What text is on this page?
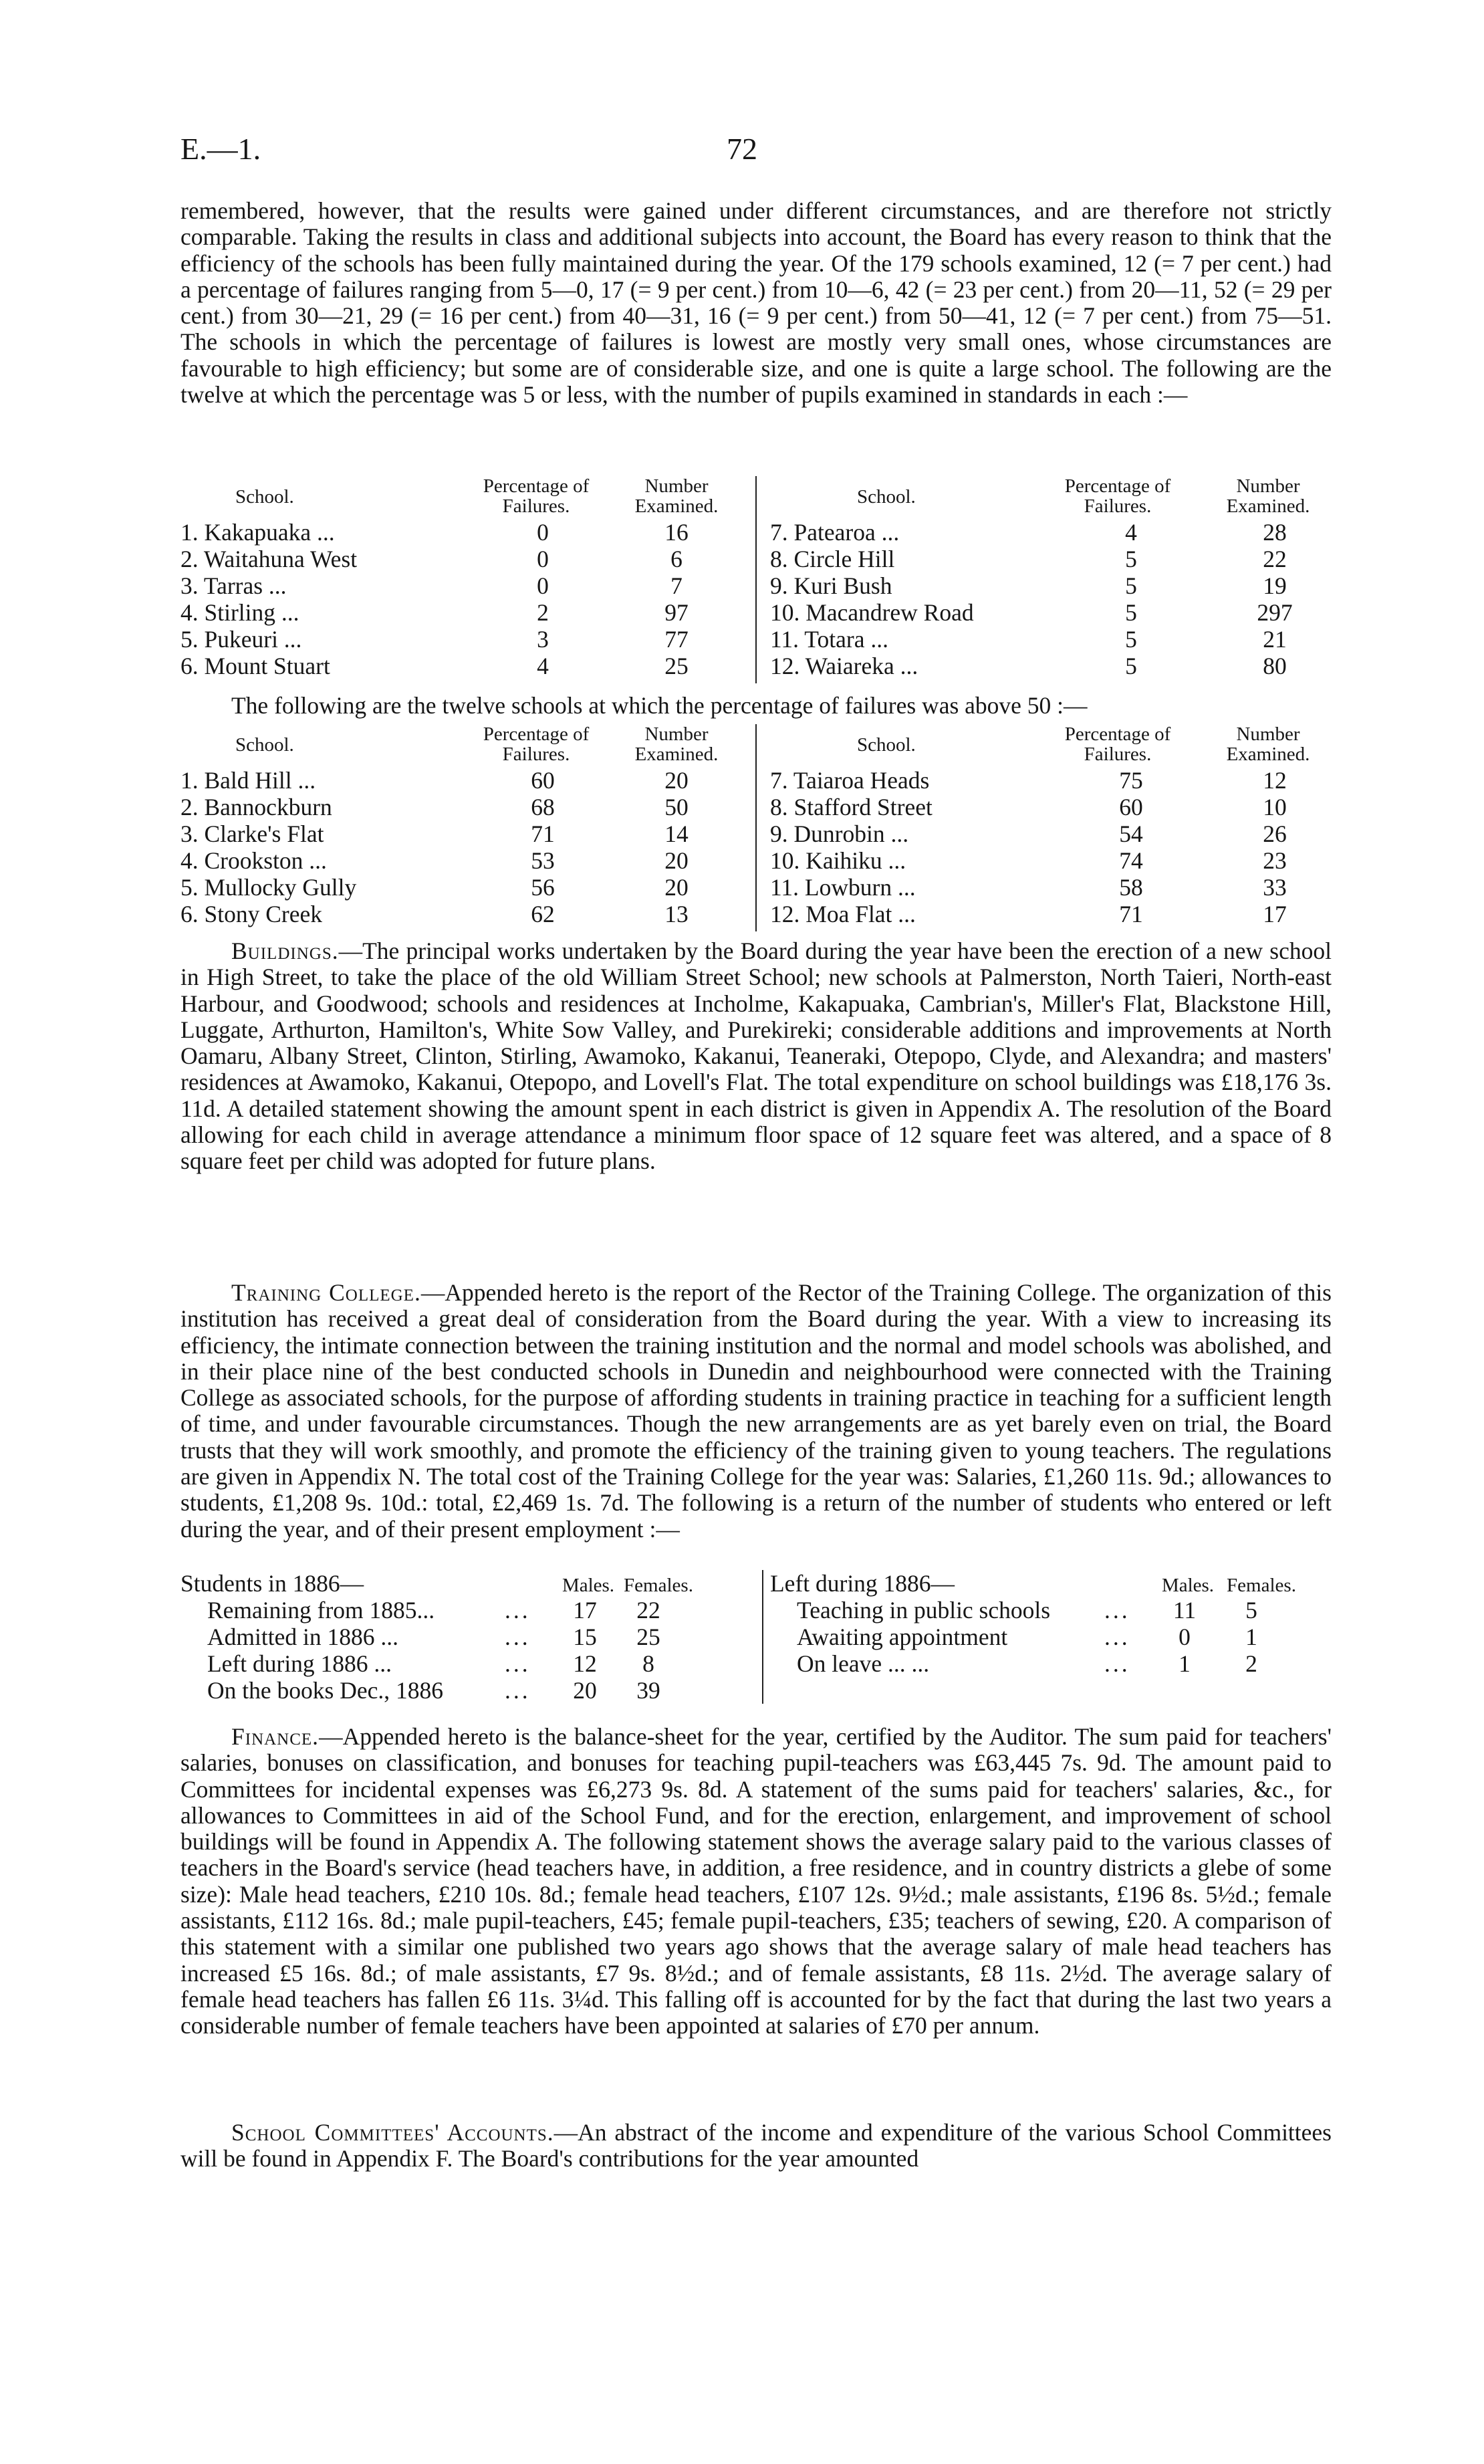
E.—1.	72
remembered, however, that the results were gained under different circumstances, and are therefore not strictly comparable. Taking the results in class and additional subjects into account, the Board has every reason to think that the efficiency of the schools has been fully maintained during the year. Of the 179 schools examined, 12 (= 7 per cent.) had a percentage of failures ranging from 5—0, 17 (= 9 per cent.) from 10—6, 42 (= 23 per cent.) from 20—11, 52 (= 29 per cent.) from 30—21, 29 (= 16 per cent.) from 40—31, 16 (= 9 per cent.) from 50—41, 12 (= 7 per cent.) from 75—51. The schools in which the percentage of failures is lowest are mostly very small ones, whose circumstances are favourable to high efficiency; but some are of considerable size, and one is quite a large school. The following are the twelve at which the percentage was 5 or less, with the number of pupils examined in standards in each :—
School.	Percentage of
Failures.
Number
Examined.
1. Kakapuaka ...	0	16
2. Waitahuna West	0	6
3. Tarras ...	0	7
4. Stirling ...	2	97
5. Pukeuri ...	3	77
6. Mount Stuart	4	25
School.	Percentage of
Failures.
Number
Examined.
7. Patearoa ...	4	28
8. Circle Hill	5	22
9. Kuri Bush	5	19
10. Macandrew Road	5	297
11. Totara ...	5	21
12. Waiareka ...	5	80
The following are the twelve schools at which the percentage of failures was above 50 :—
School.	Percentage of
Failures.
Number
Examined.
1. Bald Hill ...	60	20
2. Bannockburn	68	50
3. Clarke's Flat	71	14
4. Crookston ...	53	20
5. Mullocky Gully	56	20
6. Stony Creek	62	13
School.	Percentage of
Failures.
Number
Examined.
7. Taiaroa Heads	75	12
8. Stafford Street	60	10
9. Dunrobin ...	54	26
10. Kaihiku ...	74	23
11. Lowburn ...	58	33
12. Moa Flat ...	71	17
Buildings.—The principal works undertaken by the Board during the year have been the erection of a new school in High Street, to take the place of the old William Street School; new schools at Palmerston, North Taieri, North-east Harbour, and Goodwood; schools and residences at Incholme, Kakapuaka, Cambrian's, Miller's Flat, Blackstone Hill, Luggate, Arthurton, Hamilton's, White Sow Valley, and Purekireki; considerable additions and improvements at North Oamaru, Albany Street, Clinton, Stirling, Awamoko, Kakanui, Teaneraki, Otepopo, Clyde, and Alexandra; and masters' residences at Awamoko, Kakanui, Otepopo, and Lovell's Flat. The total expenditure on school buildings was £18,176 3s. 11d. A detailed statement showing the amount spent in each district is given in Appendix A. The resolution of the Board allowing for each child in average attendance a minimum floor space of 12 square feet was altered, and a space of 8 square feet per child was adopted for future plans.
Training College.—Appended hereto is the report of the Rector of the Training College. The organization of this institution has received a great deal of consideration from the Board during the year. With a view to increasing its efficiency, the intimate connection between the training institution and the normal and model schools was abolished, and in their place nine of the best conducted schools in Dunedin and neighbourhood were connected with the Training College as associated schools, for the purpose of affording students in training practice in teaching for a sufficient length of time, and under favourable circumstances. Though the new arrangements are as yet barely even on trial, the Board trusts that they will work smoothly, and promote the efficiency of the training given to young teachers. The regulations are given in Appendix N. The total cost of the Training College for the year was: Salaries, £1,260 11s. 9d.; allowances to students, £1,208 9s. 10d.: total, £2,469 1s. 7d. The following is a return of the number of students who entered or left during the year, and of their present employment :—
Males. Females.
Students in 1886—
Remaining from 1885...	...	17	22
Admitted in 1886 ...	...	15	25
Left during 1886 ...	...	12	8
On the books Dec., 1886	...	20	39
Males. Females.
Left during 1886—
Teaching in public schools ...	11	5
Awaiting appointment	...	0	1
On leave ... ...	...	1	2
Finance.—Appended hereto is the balance-sheet for the year, certified by the Auditor. The sum paid for teachers' salaries, bonuses on classification, and bonuses for teaching pupil-teachers was £63,445 7s. 9d. The amount paid to Committees for incidental expenses was £6,273 9s. 8d. A statement of the sums paid for teachers' salaries, &c., for allowances to Committees in aid of the School Fund, and for the erection, enlargement, and improvement of school buildings will be found in Appendix A. The following statement shows the average salary paid to the various classes of teachers in the Board's service (head teachers have, in addition, a free residence, and in country districts a glebe of some size): Male head teachers, £210 10s. 8d.; female head teachers, £107 12s. 9½d.; male assistants, £196 8s. 5½d.; female assistants, £112 16s. 8d.; male pupil-teachers, £45; female pupil-teachers, £35; teachers of sewing, £20. A comparison of this statement with a similar one published two years ago shows that the average salary of male head teachers has increased £5 16s. 8d.; of male assistants, £7 9s. 8½d.; and of female assistants, £8 11s. 2½d. The average salary of female head teachers has fallen £6 11s. 3¼d. This falling off is accounted for by the fact that during the last two years a considerable number of female teachers have been appointed at salaries of £70 per annum.
School Committees' Accounts.—An abstract of the income and expenditure of the various School Committees will be found in Appendix F. The Board's contributions for the year amounted
